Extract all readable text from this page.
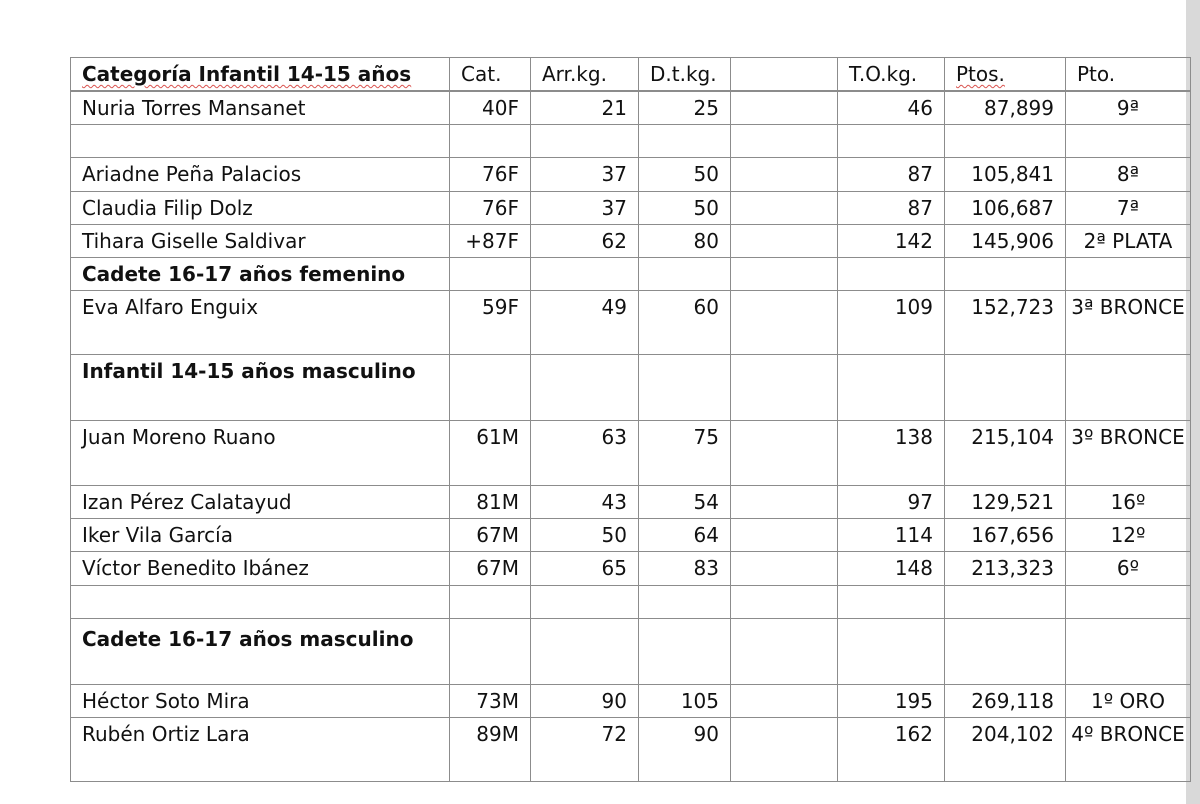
Categoría Infantil 14-15 años	Cat.	Arr.kg.	D.t.kg.		T.O.kg.	Ptos.	Pto.
Nuria Torres Mansanet	40F	21	25		46	87,899	9ª

Ariadne Peña Palacios	76F	37	50		87	105,841	8ª
Claudia Filip Dolz	76F	37	50		87	106,687	7ª
Tihara Giselle Saldivar	+87F	62	80		142	145,906	2ª PLATA
Cadete 16-17 años femenino							
Eva Alfaro Enguix	59F	49	60		109	152,723	3ª BRONCE
Infantil 14-15 años masculino							
Juan Moreno Ruano	61M	63	75		138	215,104	3º BRONCE
Izan Pérez Calatayud	81M	43	54		97	129,521	16º
Iker Vila García	67M	50	64		114	167,656	12º
Víctor Benedito Ibánez	67M	65	83		148	213,323	6º

Cadete 16-17 años masculino							
Héctor Soto Mira	73M	90	105		195	269,118	1º ORO
Rubén Ortiz Lara	89M	72	90		162	204,102	4º BRONCE
